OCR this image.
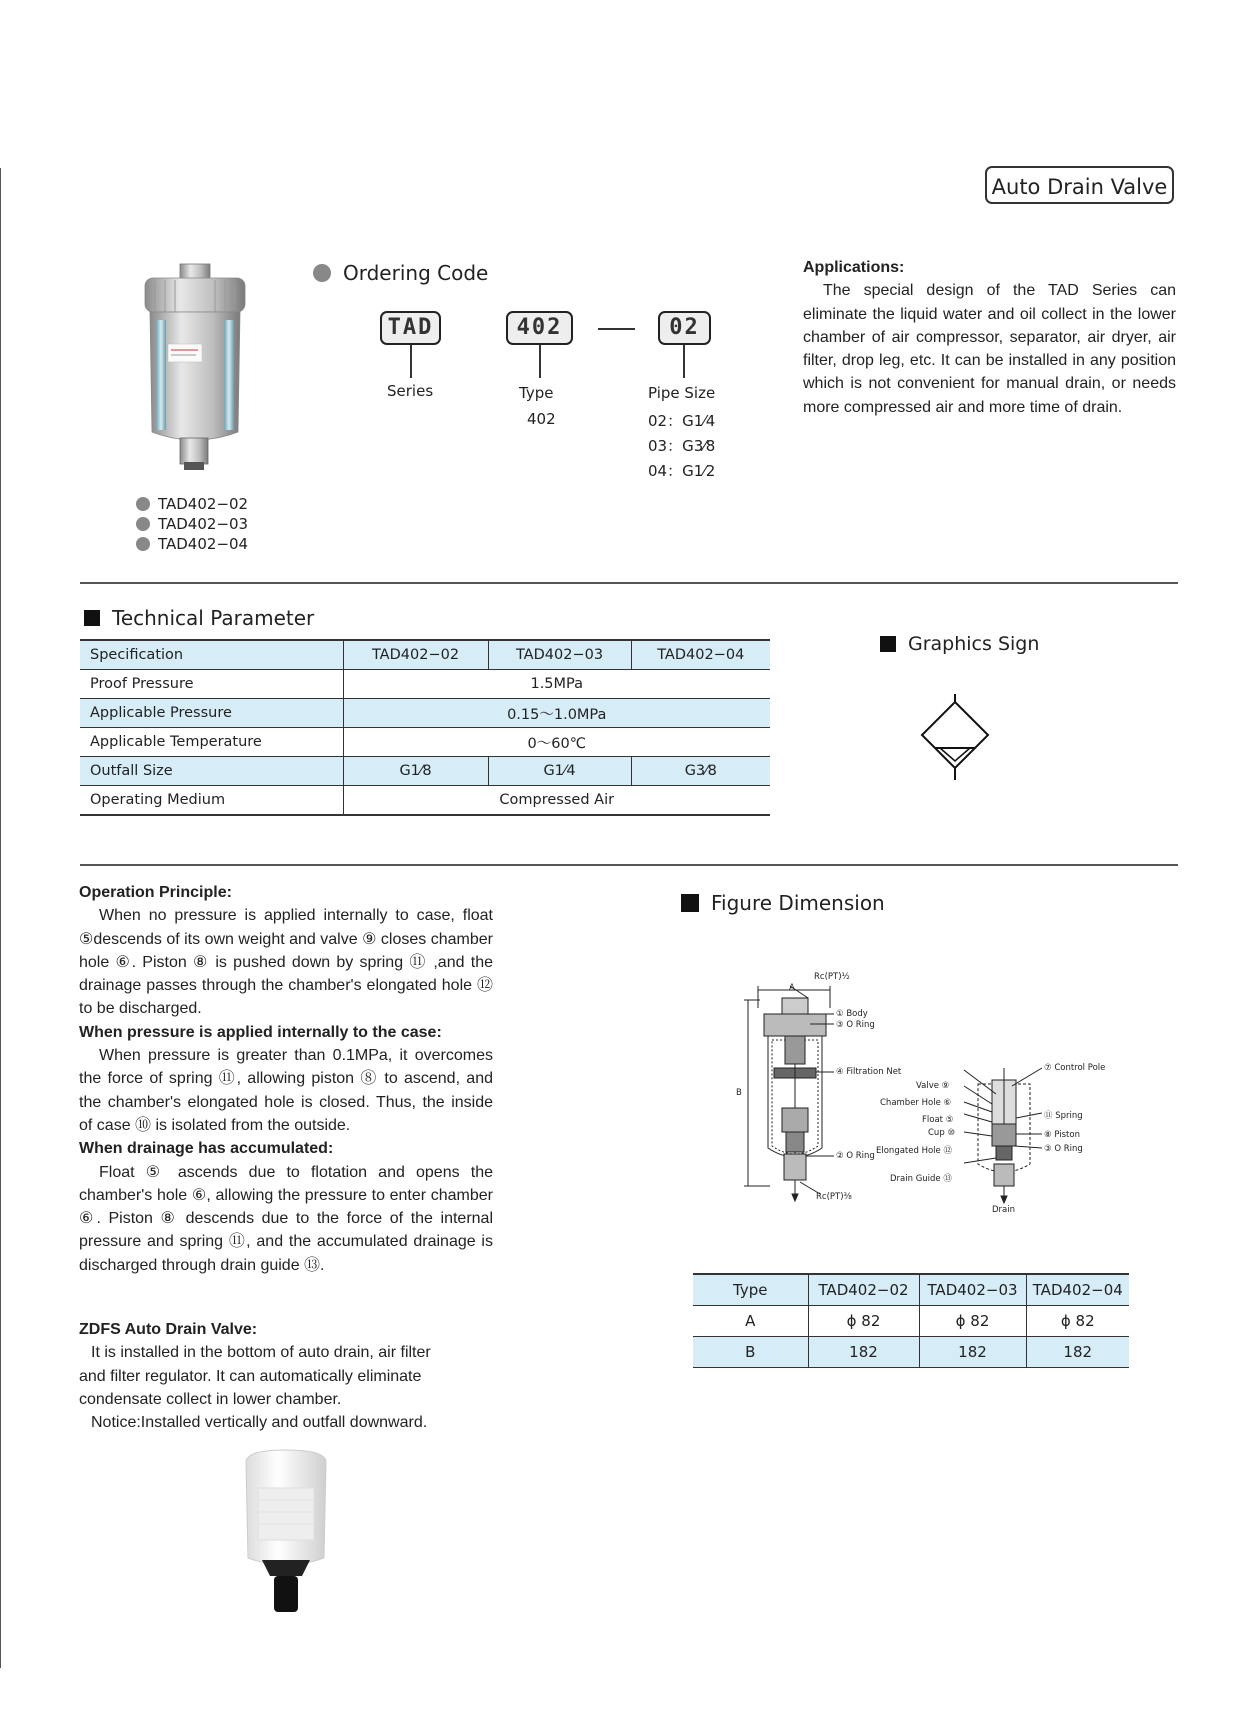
Auto Drain Valve
TAD402−02
TAD402−03
TAD402−04
Ordering Code
TAD	402	02
Series	Type
402
Pipe Size
02：G1⁄4
03：G3⁄8
04：G1⁄2
Applications:
The special design of the TAD Series can eliminate the liquid water and oil collect in the lower chamber of air compressor, separator, air dryer, air filter, drop leg, etc. It can be installed in any position which is not convenient for manual drain, or needs more compressed air and more time of drain.
Technical Parameter
Specification	TAD402−02	TAD402−03	TAD402−04
Proof Pressure	1.5MPa		
Applicable Pressure	0.15～1.0MPa		
Applicable Temperature	0～60℃		
Outfall Size	G1⁄8	G1⁄4	G3⁄8
Operating Medium	Compressed Air		
Graphics Sign
Operation Principle:
When no pressure is applied internally to case, float ⑤descends of its own weight and valve ⑨ closes chamber hole ⑥. Piston ⑧ is pushed down by spring ⑪ ,and the drainage passes through the chamber's elongated hole ⑫ to be discharged.
When pressure is applied internally to the case:
When pressure is greater than 0.1MPa, it overcomes the force of spring ⑪, allowing piston ⑧ to ascend, and the chamber's elongated hole is closed. Thus, the inside of case ⑩ is isolated from the outside.
When drainage has accumulated:
Float ⑤ ascends due to flotation and opens the chamber's hole ⑥, allowing the pressure to enter chamber ⑥. Piston ⑧ descends due to the force of the internal pressure and spring ⑪, and the accumulated drainage is discharged through drain guide ⑬.
ZDFS Auto Drain Valve:
It is installed in the bottom of auto drain, air filter and filter regulator. It can automatically eliminate condensate collect in lower chamber.
Notice:Installed vertically and outfall downward.
Figure Dimension
Rc(PT)½
A
B
① Body
③ O Ring
④ Filtration Net
② O Ring
Rc(PT)⅜
Valve ⑨
Chamber Hole ⑥
Float ⑤
Cup ⑩
Elongated Hole ⑫
Drain Guide ⑬
⑦ Control Pole
⑪ Spring
⑧ Piston
③ O Ring
Drain
Type	TAD402−02	TAD402−03	TAD402−04
A	ϕ 82	ϕ 82	ϕ 82
B	182	182	182
